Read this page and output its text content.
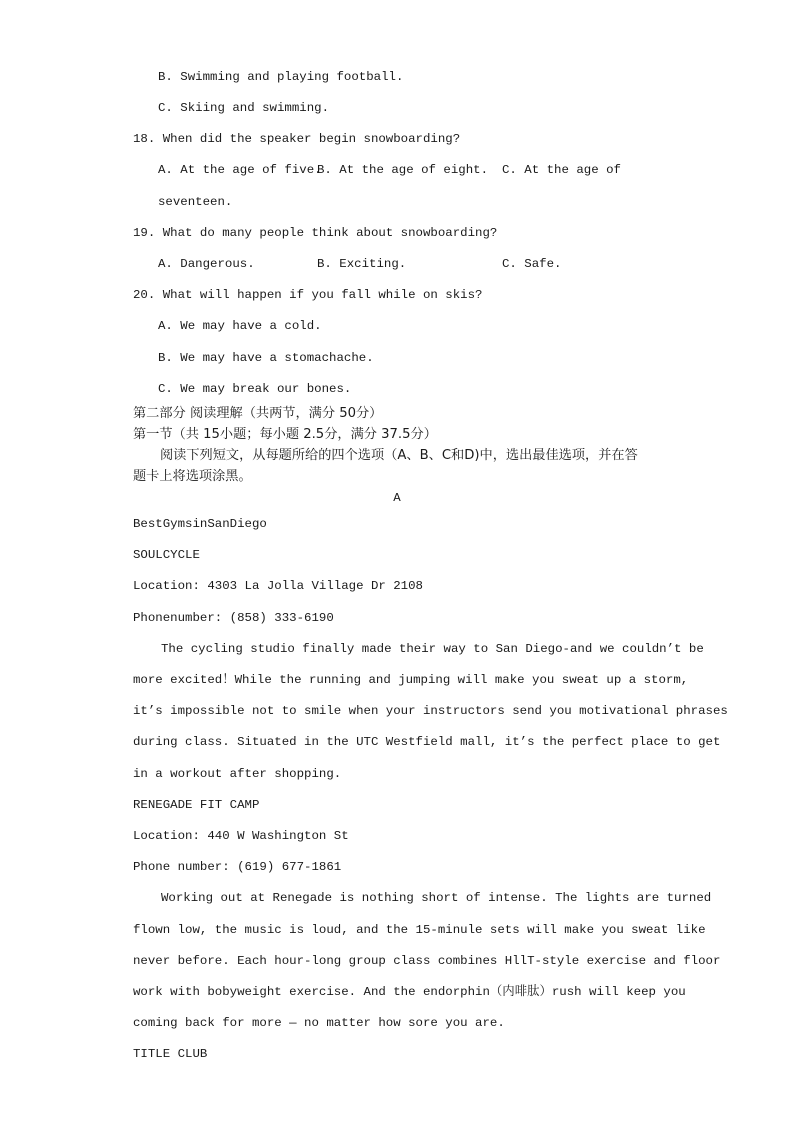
B. Swimming and playing football.
C. Skiing and swimming.
18. When did the speaker begin snowboarding?
A. At the age of five.
B. At the age of eight. C. At the age of
seventeen.
19. What do many people think about snowboarding?
A. Dangerous.	B. Exciting.	C. Safe.
20. What will happen if you fall while on skis?
A. We may have a cold.
B. We may have a stomachache.
C. We may break our bones.
第二部分 阅读理解（共两节，满分 50分）
第一节（共 15小题；每小题 2.5分，满分 37.5分）
阅读下列短文，从每题所给的四个选项（A、B、C和D)中，选出最佳选项，并在答
题卡上将选项涂黑。
A
BestGymsinSanDiego
SOULCYCLE
Location: 4303 La Jolla Village Dr 2108
Phonenumber: (858) 333-6190
The cycling studio finally made their way to San Diego-and we couldn’t be
more excited！While the running and jumping will make you sweat up a storm,
it’s impossible not to smile when your instructors send you motivational phrases
during class. Situated in the UTC Westfield mall, it’s the perfect place to get
in a workout after shopping.
RENEGADE FIT CAMP
Location: 440 W Washington St
Phone number: (619) 677-1861
Working out at Renegade is nothing short of intense. The lights are turned
flown low, the music is loud, and the 15-minule sets will make you sweat like
never before. Each hour-long group class combines HllT-style exercise and floor
work with bobyweight exercise. And the endorphin（内啡肽）rush will keep you
coming back for more — no matter how sore you are.
TITLE CLUB
